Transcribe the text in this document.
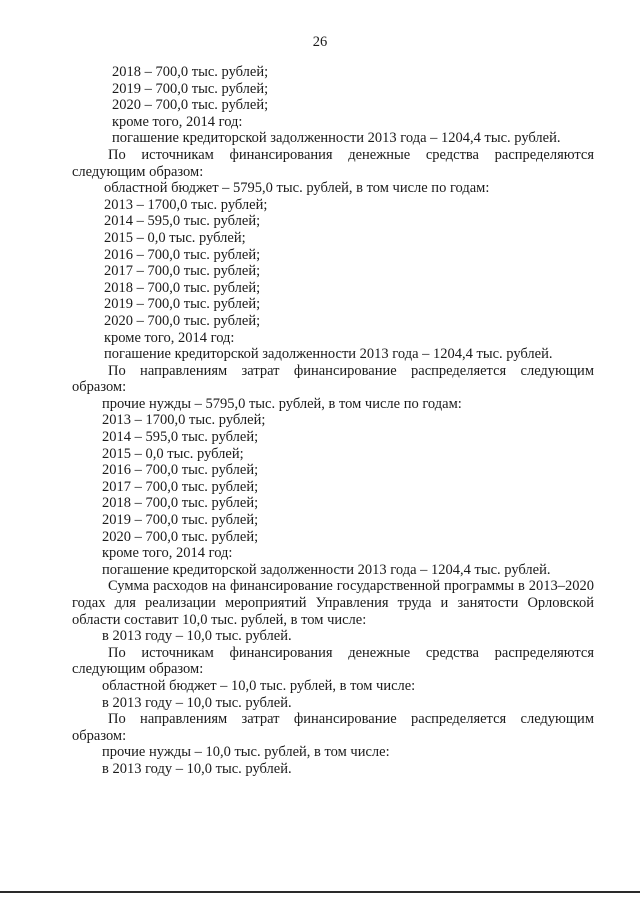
26
2018 – 700,0 тыс. рублей;
2019 – 700,0 тыс. рублей;
2020 – 700,0 тыс. рублей;
кроме того, 2014 год:
погашение кредиторской задолженности 2013 года – 1204,4 тыс. рублей.
По источникам финансирования денежные средства распределяются следующим образом:
областной бюджет – 5795,0 тыс. рублей, в том числе по годам:
2013 – 1700,0 тыс. рублей;
2014 – 595,0 тыс. рублей;
2015 – 0,0 тыс. рублей;
2016 – 700,0 тыс. рублей;
2017 – 700,0 тыс. рублей;
2018 – 700,0 тыс. рублей;
2019 – 700,0 тыс. рублей;
2020 – 700,0 тыс. рублей;
кроме того, 2014 год:
погашение кредиторской задолженности 2013 года – 1204,4 тыс. рублей.
По направлениям затрат финансирование распределяется следующим образом:
прочие нужды – 5795,0 тыс. рублей, в том числе по годам:
2013 – 1700,0 тыс. рублей;
2014 – 595,0 тыс. рублей;
2015 – 0,0 тыс. рублей;
2016 – 700,0 тыс. рублей;
2017 – 700,0 тыс. рублей;
2018 – 700,0 тыс. рублей;
2019 – 700,0 тыс. рублей;
2020 – 700,0 тыс. рублей;
кроме того, 2014 год:
погашение кредиторской задолженности 2013 года – 1204,4 тыс. рублей.
Сумма расходов на финансирование государственной программы в 2013–2020 годах для реализации мероприятий Управления труда и занятости Орловской области составит 10,0 тыс. рублей, в том числе:
в 2013 году – 10,0 тыс. рублей.
По источникам финансирования денежные средства распределяются следующим образом:
областной бюджет – 10,0 тыс. рублей, в том числе:
в 2013 году – 10,0 тыс. рублей.
По направлениям затрат финансирование распределяется следующим образом:
прочие нужды – 10,0 тыс. рублей, в том числе:
в 2013 году – 10,0 тыс. рублей.
